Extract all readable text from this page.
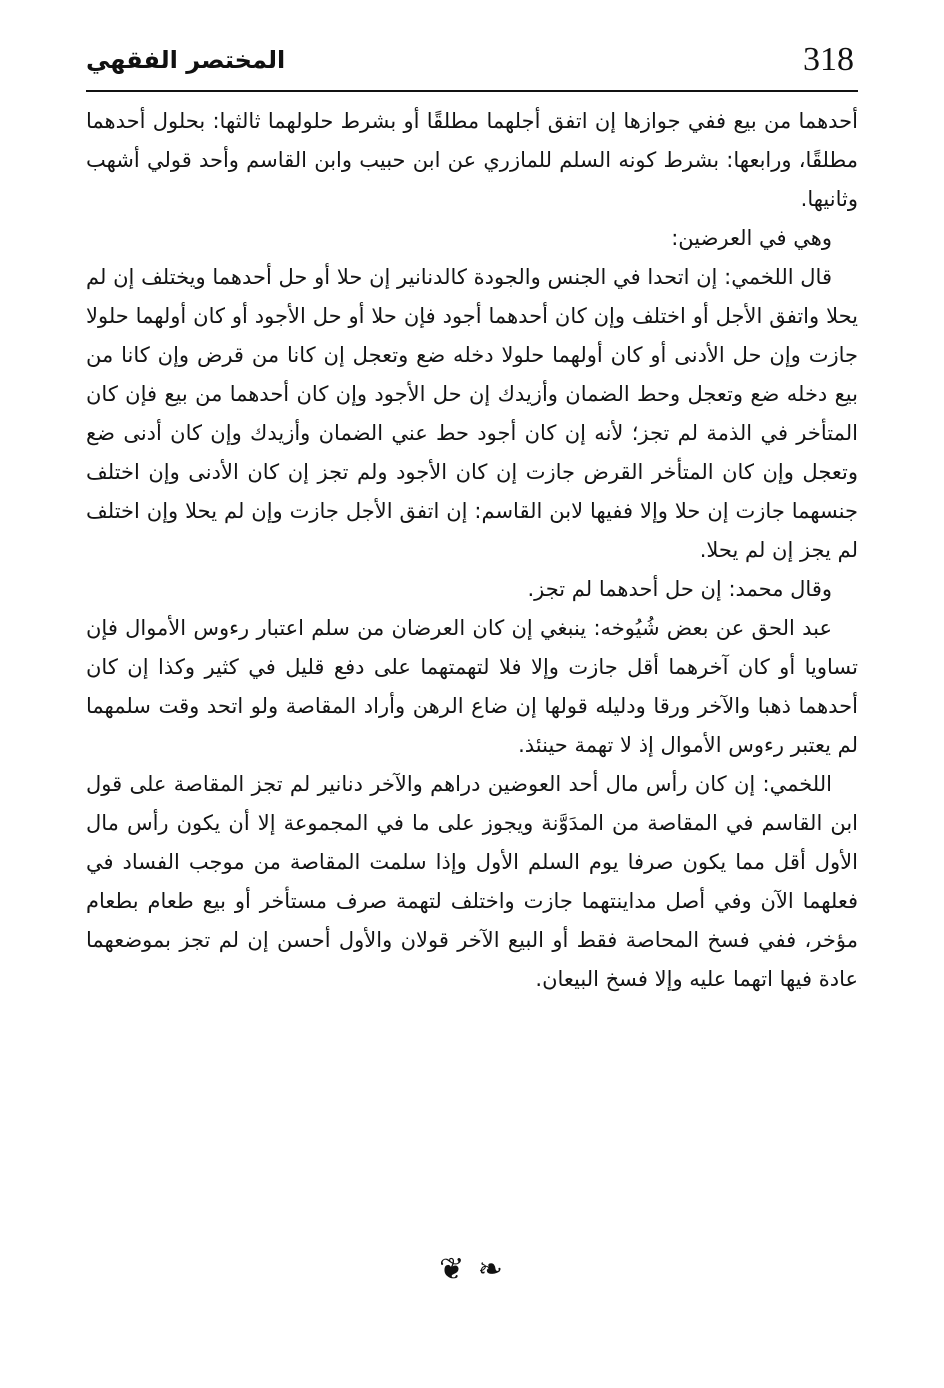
318
المختصر الفقهي

أحدهما من بيع ففي جوازها إن اتفق أجلهما مطلقًا أو بشرط حلولهما ثالثها: بحلول أحدهما مطلقًا، ورابعها: بشرط كونه السلم للمازري عن ابن حبيب وابن القاسم وأحد قولي أشهب وثانيها.

وهي في العرضين:

قال اللخمي: إن اتحدا في الجنس والجودة كالدنانير إن حلا أو حل أحدهما ويختلف إن لم يحلا واتفق الأجل أو اختلف وإن كان أحدهما أجود فإن حلا أو حل الأجود أو كان أولهما حلولا جازت وإن حل الأدنى أو كان أولهما حلولا دخله ضع وتعجل إن كانا من قرض وإن كانا من بيع دخله ضع وتعجل وحط الضمان وأزيدك إن حل الأجود وإن كان أحدهما من بيع فإن كان المتأخر في الذمة لم تجز؛ لأنه إن كان أجود حط عني الضمان وأزيدك وإن كان أدنى ضع وتعجل وإن كان المتأخر القرض جازت إن كان الأجود ولم تجز إن كان الأدنى وإن اختلف جنسهما جازت إن حلا وإلا ففيها لابن القاسم: إن اتفق الأجل جازت وإن لم يحلا وإن اختلف لم يجز إن لم يحلا.

وقال محمد: إن حل أحدهما لم تجز.

عبد الحق عن بعض شُيُوخه: ينبغي إن كان العرضان من سلم اعتبار رءوس الأموال فإن تساويا أو كان آخرهما أقل جازت وإلا فلا لتهمتهما على دفع قليل في كثير وكذا إن كان أحدهما ذهبا والآخر ورقا ودليله قولها إن ضاع الرهن وأراد المقاصة ولو اتحد وقت سلمهما لم يعتبر رءوس الأموال إذ لا تهمة حينئذ.

اللخمي: إن كان رأس مال أحد العوضين دراهم والآخر دنانير لم تجز المقاصة على قول ابن القاسم في المقاصة من المدَوَّنة ويجوز على ما في المجموعة إلا أن يكون رأس مال الأول أقل مما يكون صرفا يوم السلم الأول وإذا سلمت المقاصة من موجب الفساد في فعلهما الآن وفي أصل مداينتهما جازت واختلف لتهمة صرف مستأخر أو بيع طعام بطعام مؤخر، ففي فسخ المحاصة فقط أو البيع الآخر قولان والأول أحسن إن لم تجز بموضعهما عادة فيها اتهما عليه وإلا فسخ البيعان.

❦ ❧
